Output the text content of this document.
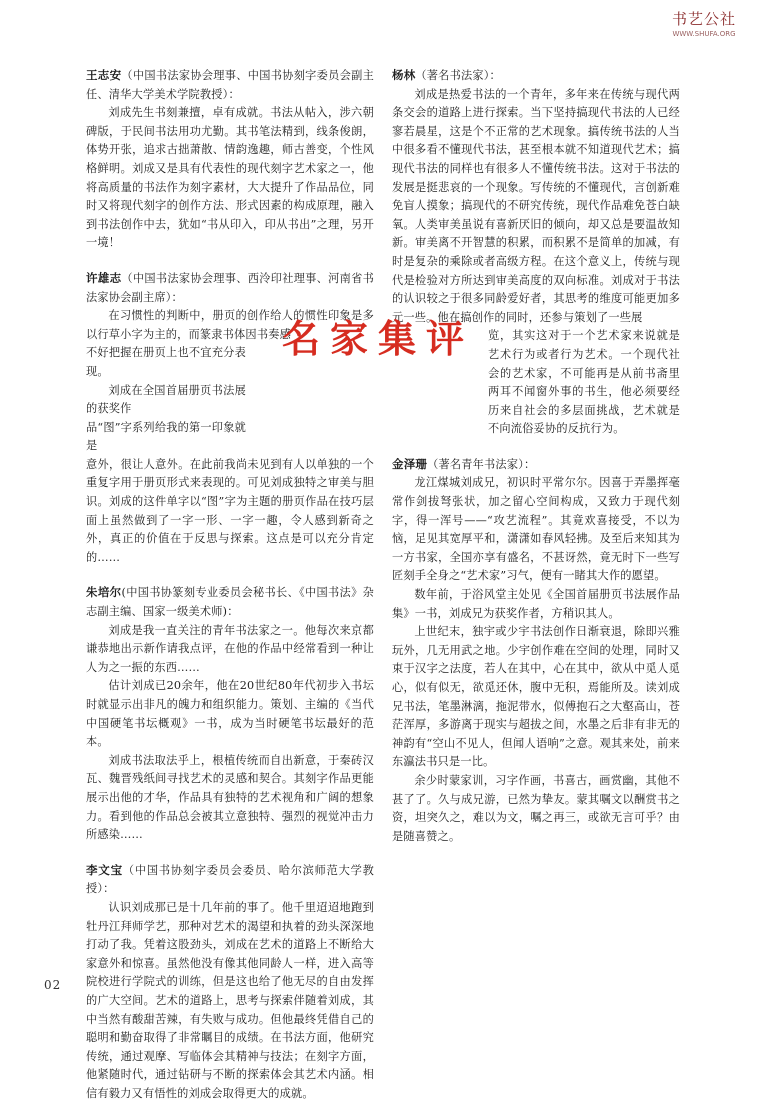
书艺公社
WWW.SHUFA.ORG

王志安（中国书法家协会理事、中国书协刻字委员会副主任、清华大学美术学院教授）：

刘成先生书刻兼擅，卓有成就。书法从帖入，涉六朝碑版，于民间书法用功尤勤。其书笔法精到，线条俊朗，体势开张，追求古拙萧散、情韵逸趣，师古善变，个性风格鲜明。刘成又是具有代表性的现代刻字艺术家之一，他将高质量的书法作为刻字素材，大大提升了作品品位，同时又将现代刻字的创作方法、形式因素的构成原理，融入到书法创作中去，犹如“书从印入，印从书出”之理，另开一境！

许雄志（中国书法家协会理事、西泠印社理事、河南省书法家协会副主席）：

在习惯性的判断中，册页的创作给人的惯性印象是多以行草小字为主的，而篆隶书体因书奏感

不好把握在册页上也不宜充分表现。

刘成在全国首届册页书法展的获奖作

品“图”字系列给我的第一印象就是

意外，很让人意外。在此前我尚未见到有人以单独的一个重复字用于册页形式来表现的。可见刘成独特之审美与胆识。刘成的这件单字以“图”字为主题的册页作品在技巧层面上虽然做到了一字一形、一字一趣，令人感到新奇之外，真正的价值在于反思与探索。这点是可以充分肯定的……

朱培尔(中国书协篆刻专业委员会秘书长、《中国书法》杂志副主编、国家一级美术师)：

刘成是我一直关注的青年书法家之一。他每次来京都谦恭地出示新作请我点评，在他的作品中经常看到一种让人为之一振的东西……

估计刘成已20余年，他在20世纪80年代初步入书坛时就显示出非凡的魄力和组织能力。策划、主编的《当代中国硬笔书坛概观》一书，成为当时硬笔书坛最好的范本。

刘成书法取法乎上，根植传统而自出新意，于秦砖汉瓦、魏晋残纸间寻找艺术的灵感和契合。其刻字作品更能展示出他的才华，作品具有独特的艺术视角和广阔的想象力。看到他的作品总会被其立意独特、强烈的视觉冲击力所感染……

李文宝（中国书协刻字委员会委员、哈尔滨师范大学教授）：

认识刘成那已是十几年前的事了。他千里迢迢地跑到牡丹江拜师学艺，那种对艺术的渴望和执着的劲头深深地打动了我。凭着这股劲头，刘成在艺术的道路上不断给大家意外和惊喜。虽然他没有像其他同龄人一样，进入高等院校进行学院式的训练，但是这也给了他无尽的自由发挥的广大空间。艺术的道路上，思考与探索伴随着刘成，其中当然有酸甜苦辣，有失败与成功。但他最终凭借自己的聪明和勤奋取得了非常瞩目的成绩。在书法方面，他研究传统，通过观摩、写临体会其精神与技法；在刻字方面，他紧随时代，通过钻研与不断的探索体会其艺术内涵。相信有毅力又有悟性的刘成会取得更大的成就。

杨林（著名书法家）：

刘成是热爱书法的一个青年，多年来在传统与现代两条交会的道路上进行探索。当下坚持搞现代书法的人已经寥若晨星，这是个不正常的艺术现象。搞传统书法的人当中很多看不懂现代书法，甚至根本就不知道现代艺术；搞现代书法的同样也有很多人不懂传统书法。这对于书法的发展是挺悲哀的一个现象。写传统的不懂现代，言创新难免盲人摸象；搞现代的不研究传统，现代作品难免苍白缺氧。人类审美虽说有喜新厌旧的倾向，却又总是要温故知新。审美离不开智慧的积累，而积累不是简单的加减，有时是复杂的乘除或者高级方程。在这个意义上，传统与现代是检验对方所达到审美高度的双向标准。刘成对于书法的认识较之于很多同龄爱好者，其思考的维度可能更加多元一些。他在搞创作的同时，还参与策划了一些展

览，其实这对于一个艺术家来说就是艺术行为或者行为艺术。一个现代社会的艺术家，不可能再是从前书斋里两耳不闻窗外事的书生，他必须要经历来自社会的多层面挑战，艺术就是不向流俗妥协的反抗行为。

金泽珊（著名青年书法家）：

龙江煤城刘成兄，初识时平常尔尔。因喜于弄墨挥毫常作剑拔弩张状，加之留心空间构成，又致力于现代刻字，得一浑号——“攻艺流程”。其竟欢喜接受，不以为恼，足见其宽厚平和，潇潇如春风轻拂。及至后来知其为一方书家，全国亦享有盛名，不甚讶然，竟无时下一些写匠刻手全身之“艺术家”习气，便有一睹其大作的愿望。

数年前，于浴风堂主处见《全国首届册页书法展作品集》一书，刘成兄为获奖作者，方稍识其人。

上世纪末，独宇或少宇书法创作日渐衰退，除即兴雅玩外，几无用武之地。少宇创作难在空间的处理，同时又束于汉字之法度，若人在其中，心在其中，欲从中觅人觅心，似有似无，欲觅还休，腹中无积，焉能所及。读刘成兄书法，笔墨淋漓，拖泥带水，似傅抱石之大壑高山，苍茫浑厚，多游离于现实与超拔之间，水墨之后非有非无的神韵有“空山不见人，但闻人语响”之意。观其来处，前来东瀛法书只是一比。

余少时蒙家训，习字作画，书喜古，画赏幽，其他不甚了了。久与成兄游，已然为挚友。蒙其嘱文以酬赏书之资，坦突久之，难以为文，嘱之再三，或欲无言可乎？由是随喜赞之。

名家集评
02
